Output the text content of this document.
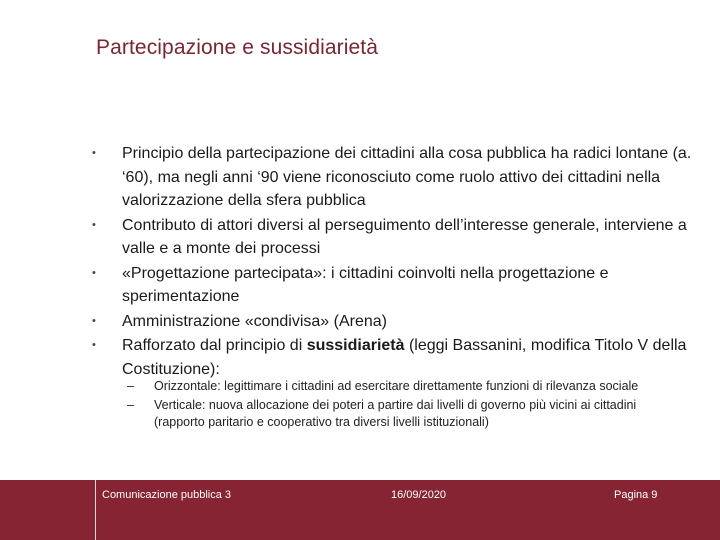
Partecipazione e sussidiarietà
• Principio della partecipazione dei cittadini alla cosa pubblica ha radici lontane (a. ‘60), ma negli anni ‘90 viene riconosciuto come ruolo attivo dei cittadini nella valorizzazione della sfera pubblica
• Contributo di attori diversi al perseguimento dell’interesse generale, interviene a valle e a monte dei processi
• «Progettazione partecipata»: i cittadini coinvolti nella progettazione e sperimentazione
• Amministrazione «condivisa» (Arena)
• Rafforzato dal principio di sussidiarietà (leggi Bassanini, modifica Titolo V della Costituzione):
– Orizzontale: legittimare i cittadini ad esercitare direttamente funzioni di rilevanza sociale
– Verticale: nuova allocazione dei poteri a partire dai livelli di governo più vicini ai cittadini (rapporto paritario e cooperativo tra diversi livelli istituzionali)
Comunicazione pubblica 3	16/09/2020	Pagina 9
